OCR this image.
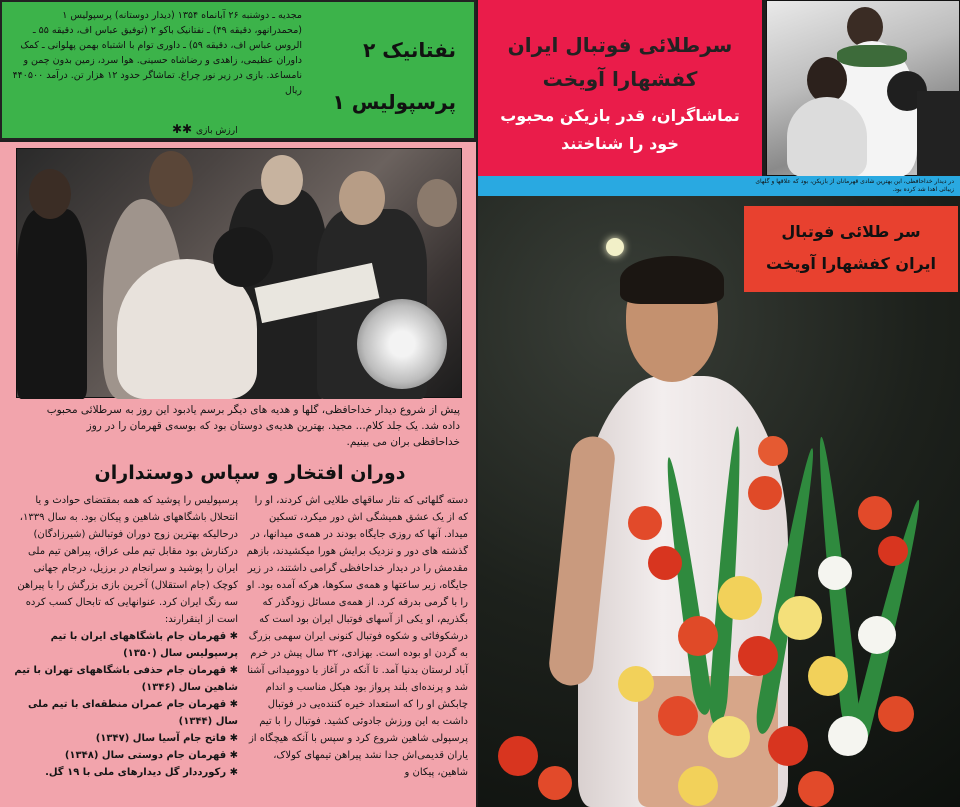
نفتانیک ۲
پرسپولیس ۱
مجدیه ـ دوشنبه ۲۶ آبانماه ۱۳۵۴ (دیدار دوستانه) پرسپولیس ۱ (محمدرانهو، دقیقه ۴۹) ـ نفتانیک باکو ۲ (توفیق عباس اف، دقیقه ۵۵ ـ الروس عباس اف، دقیقه ۵۹) ـ داوری توام با اشتباه بهمن پهلوانی ـ کمک داوران عظیمی، زاهدی و رضاشاه حسینی. هوا سرد، زمین بدون چمن و نامساعد. بازی در زیر نور چراغ. تماشاگر حدود ۱۲ هزار تن. درآمد ۴۴۰۵۰۰ ریال
ارزش بازی ✱✱
پیش از شروع دیدار خداحافظی، گلها و هدیه های دیگر برسم یادبود این روز به سرطلائی محبوب داده شد. یک جلد کلام... مجید. بهترین هدیه‌ی دوستان بود که بوسه‌ی قهرمان را در روز خداحافظی بران می بینیم.
دوران افتخار و سپاس دوستداران
دسته گلهائی که نثار ساقهای طلایی اش کردند، او را که از یک عشق همیشگی اش دور میکرد، تسکین میداد. آنها که روزی جایگاه بودند در همه‌ی میدانها، در گذشته های دور و نزدیک برایش هورا میکشیدند، بازهم مقدمش را در دیدار خداحافظی گرامی داشتند، در زیر جایگاه، زیر ساعتها و همه‌ی سکوها، هرکه آمده بود. او را با گرمی بدرقه کرد. از همه‌ی مسائل زودگذر که بگذریم، او یکی از آسهای فوتبال ایران بود است که درشکوفائی و شکوه فوتبال کنونی ایران سهمی بزرگ به گردن او بوده است. بهزادی، ۳۲ سال پیش در خرم آباد لرستان بدنیا آمد. تا آنکه در آغاز با دوومیدانی آشنا شد و پرنده‌ای بلند پرواز بود هیکل مناسب و اندام چابکش او را که استعداد خیره کننده‌یی در فوتبال داشت به این ورزش جادوئی کشید. فوتبال را با تیم پرسپولی شاهین شروع کرد و سپس با آنکه هیچگاه از یاران قدیمی‌اش جدا نشد پیراهن تیمهای کولاک، شاهین، پیکان و
پرسپولیس را پوشید که همه بمقتضای حوادث و یا انتحلال باشگاههای شاهین و پیکان بود. به سال ۱۳۳۹، درحالیکه بهترین زوج دوران فوتبالش (شیرزادگان) درکنارش بود مقابل تیم ملی عراق، پیراهن تیم ملی ایران را پوشید و سرانجام در برزیل، درجام جهانی کوچک (جام استقلال) آخرین بازی بزرگش را با پیراهن سه رنگ ایران کرد. عنوانهایی که تابحال کسب کرده است از اینقرارند:
✱ قهرمان جام باشگاههای ایران با تیم پرسپولیس سال (۱۳۵۰)
✱ قهرمان جام حذفی باشگاههای تهران با تیم شاهین سال (۱۳۴۶)
✱ قهرمان جام عمران منطقه‌ای با تیم ملی سال (۱۳۴۴)
✱ فاتح جام آسیا سال (۱۳۴۷)
✱ قهرمان جام دوستی سال (۱۳۴۸)
✱ رکورددار گل دیدارهای ملی با ۱۹ گل.
سرطلائی فوتبال ایران کفشهارا آویخت
تماشاگران، قدر بازیکن محبوب خود را شناختند
در دیدار خداحافظی، این بهترین شادی قهرمانان از بازیکن، بود که علاقها و گلهای زیبائی اهدا شد کرده بود.
سر طلائی فوتبال
ایران کفشهارا آویخت
